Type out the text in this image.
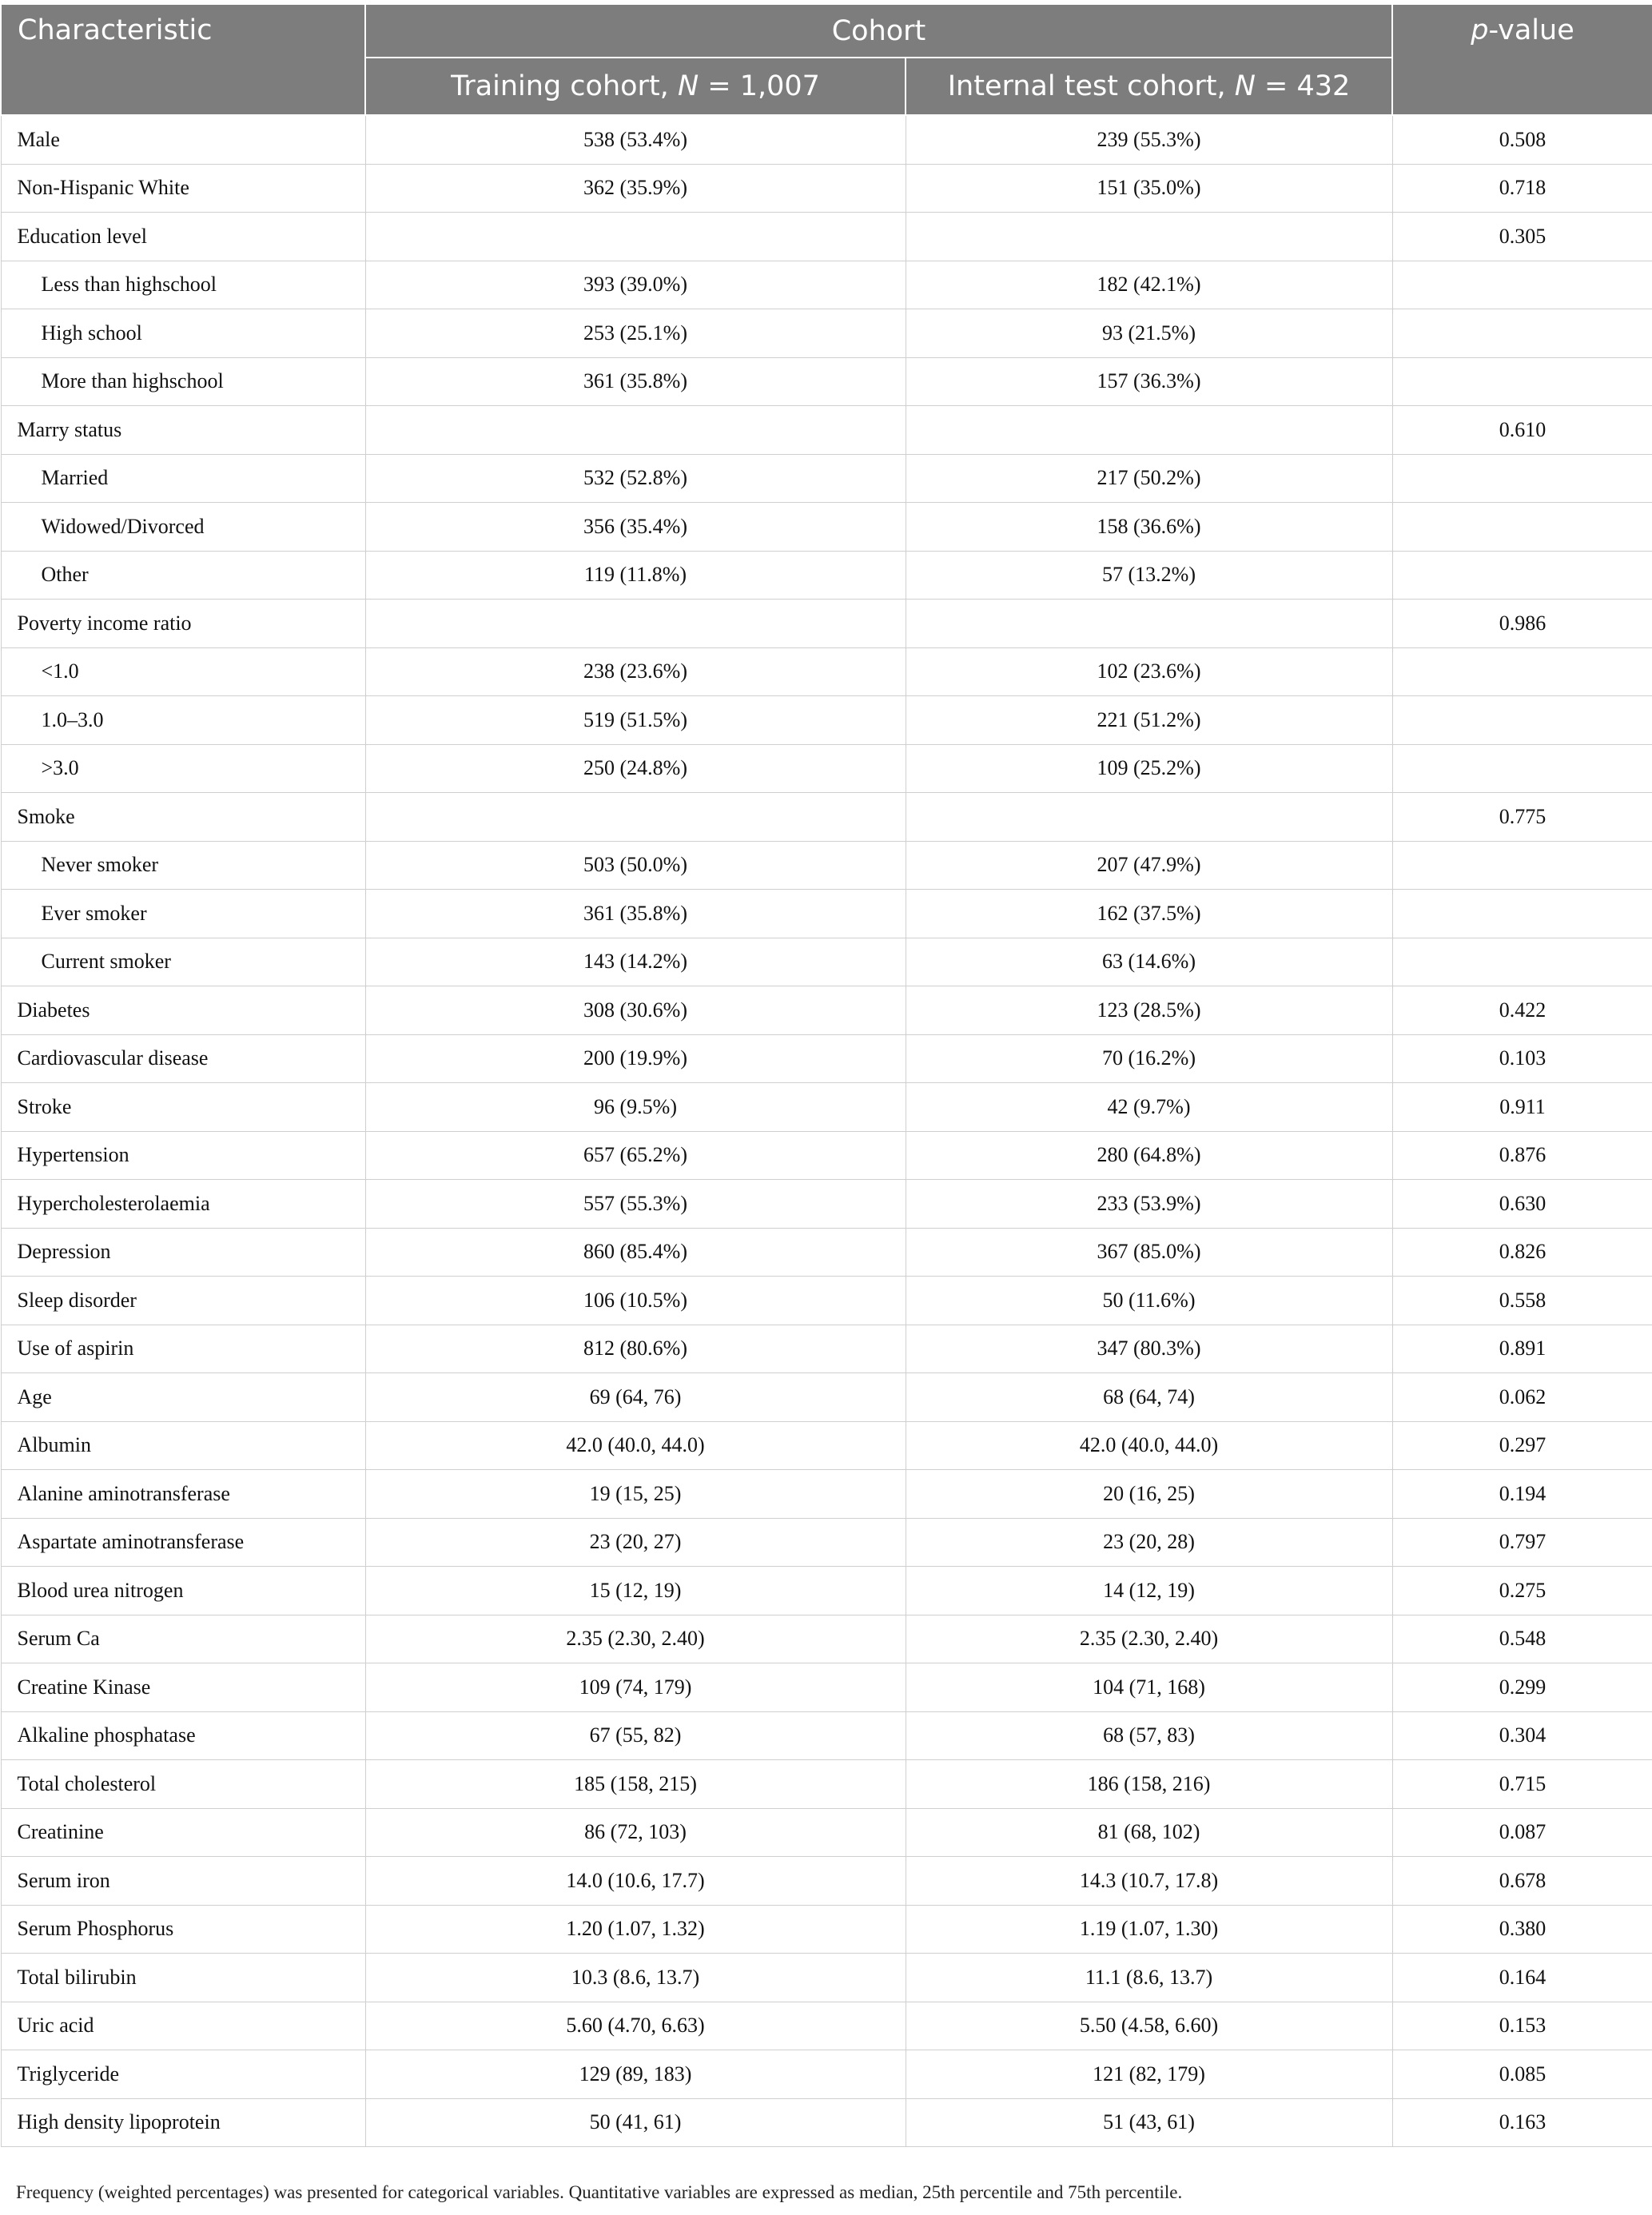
Characteristic	Cohort		p-value
	Training cohort, N = 1,007	Internal test cohort, N = 432	
Male	538 (53.4%)	239 (55.3%)	0.508
Non-Hispanic White	362 (35.9%)	151 (35.0%)	0.718
Education level			0.305
Less than highschool	393 (39.0%)	182 (42.1%)	
High school	253 (25.1%)	93 (21.5%)	
More than highschool	361 (35.8%)	157 (36.3%)	
Marry status			0.610
Married	532 (52.8%)	217 (50.2%)	
Widowed/Divorced	356 (35.4%)	158 (36.6%)	
Other	119 (11.8%)	57 (13.2%)	
Poverty income ratio			0.986
<1.0	238 (23.6%)	102 (23.6%)	
1.0–3.0	519 (51.5%)	221 (51.2%)	
>3.0	250 (24.8%)	109 (25.2%)	
Smoke			0.775
Never smoker	503 (50.0%)	207 (47.9%)	
Ever smoker	361 (35.8%)	162 (37.5%)	
Current smoker	143 (14.2%)	63 (14.6%)	
Diabetes	308 (30.6%)	123 (28.5%)	0.422
Cardiovascular disease	200 (19.9%)	70 (16.2%)	0.103
Stroke	96 (9.5%)	42 (9.7%)	0.911
Hypertension	657 (65.2%)	280 (64.8%)	0.876
Hypercholesterolaemia	557 (55.3%)	233 (53.9%)	0.630
Depression	860 (85.4%)	367 (85.0%)	0.826
Sleep disorder	106 (10.5%)	50 (11.6%)	0.558
Use of aspirin	812 (80.6%)	347 (80.3%)	0.891
Age	69 (64, 76)	68 (64, 74)	0.062
Albumin	42.0 (40.0, 44.0)	42.0 (40.0, 44.0)	0.297
Alanine aminotransferase	19 (15, 25)	20 (16, 25)	0.194
Aspartate aminotransferase	23 (20, 27)	23 (20, 28)	0.797
Blood urea nitrogen	15 (12, 19)	14 (12, 19)	0.275
Serum Ca	2.35 (2.30, 2.40)	2.35 (2.30, 2.40)	0.548
Creatine Kinase	109 (74, 179)	104 (71, 168)	0.299
Alkaline phosphatase	67 (55, 82)	68 (57, 83)	0.304
Total cholesterol	185 (158, 215)	186 (158, 216)	0.715
Creatinine	86 (72, 103)	81 (68, 102)	0.087
Serum iron	14.0 (10.6, 17.7)	14.3 (10.7, 17.8)	0.678
Serum Phosphorus	1.20 (1.07, 1.32)	1.19 (1.07, 1.30)	0.380
Total bilirubin	10.3 (8.6, 13.7)	11.1 (8.6, 13.7)	0.164
Uric acid	5.60 (4.70, 6.63)	5.50 (4.58, 6.60)	0.153
Triglyceride	129 (89, 183)	121 (82, 179)	0.085
High density lipoprotein	50 (41, 61)	51 (43, 61)	0.163
Frequency (weighted percentages) was presented for categorical variables. Quantitative variables are expressed as median, 25th percentile and 75th percentile.
